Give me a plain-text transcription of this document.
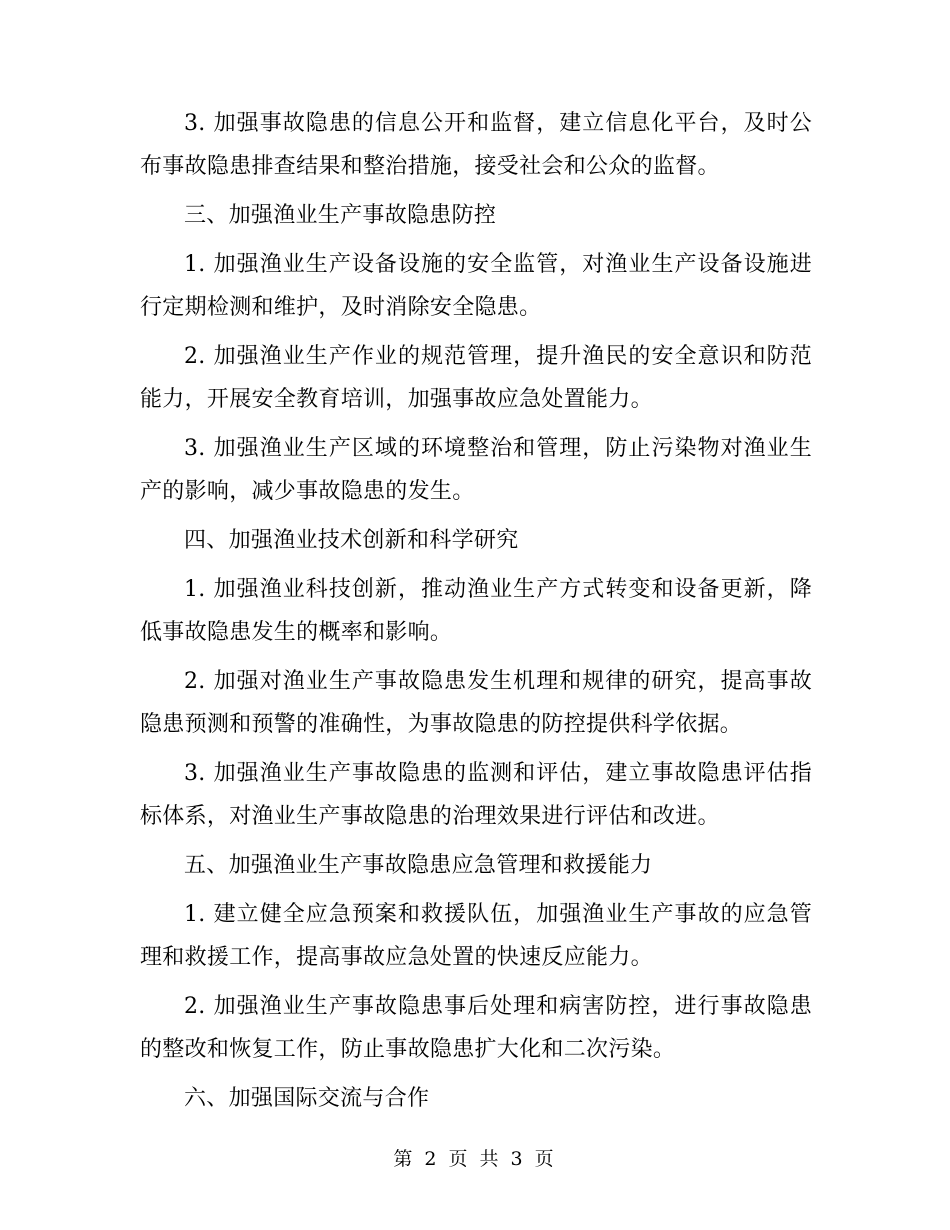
3. 加强事故隐患的信息公开和监督，建立信息化平台，及时公布事故隐患排查结果和整治措施，接受社会和公众的监督。

三、加强渔业生产事故隐患防控

1. 加强渔业生产设备设施的安全监管，对渔业生产设备设施进行定期检测和维护，及时消除安全隐患。

2. 加强渔业生产作业的规范管理，提升渔民的安全意识和防范能力，开展安全教育培训，加强事故应急处置能力。

3. 加强渔业生产区域的环境整治和管理，防止污染物对渔业生产的影响，减少事故隐患的发生。

四、加强渔业技术创新和科学研究

1. 加强渔业科技创新，推动渔业生产方式转变和设备更新，降低事故隐患发生的概率和影响。

2. 加强对渔业生产事故隐患发生机理和规律的研究，提高事故隐患预测和预警的准确性，为事故隐患的防控提供科学依据。

3. 加强渔业生产事故隐患的监测和评估，建立事故隐患评估指标体系，对渔业生产事故隐患的治理效果进行评估和改进。

五、加强渔业生产事故隐患应急管理和救援能力

1. 建立健全应急预案和救援队伍，加强渔业生产事故的应急管理和救援工作，提高事故应急处置的快速反应能力。

2. 加强渔业生产事故隐患事后处理和病害防控，进行事故隐患的整改和恢复工作，防止事故隐患扩大化和二次污染。

六、加强国际交流与合作

第 2 页 共 3 页
